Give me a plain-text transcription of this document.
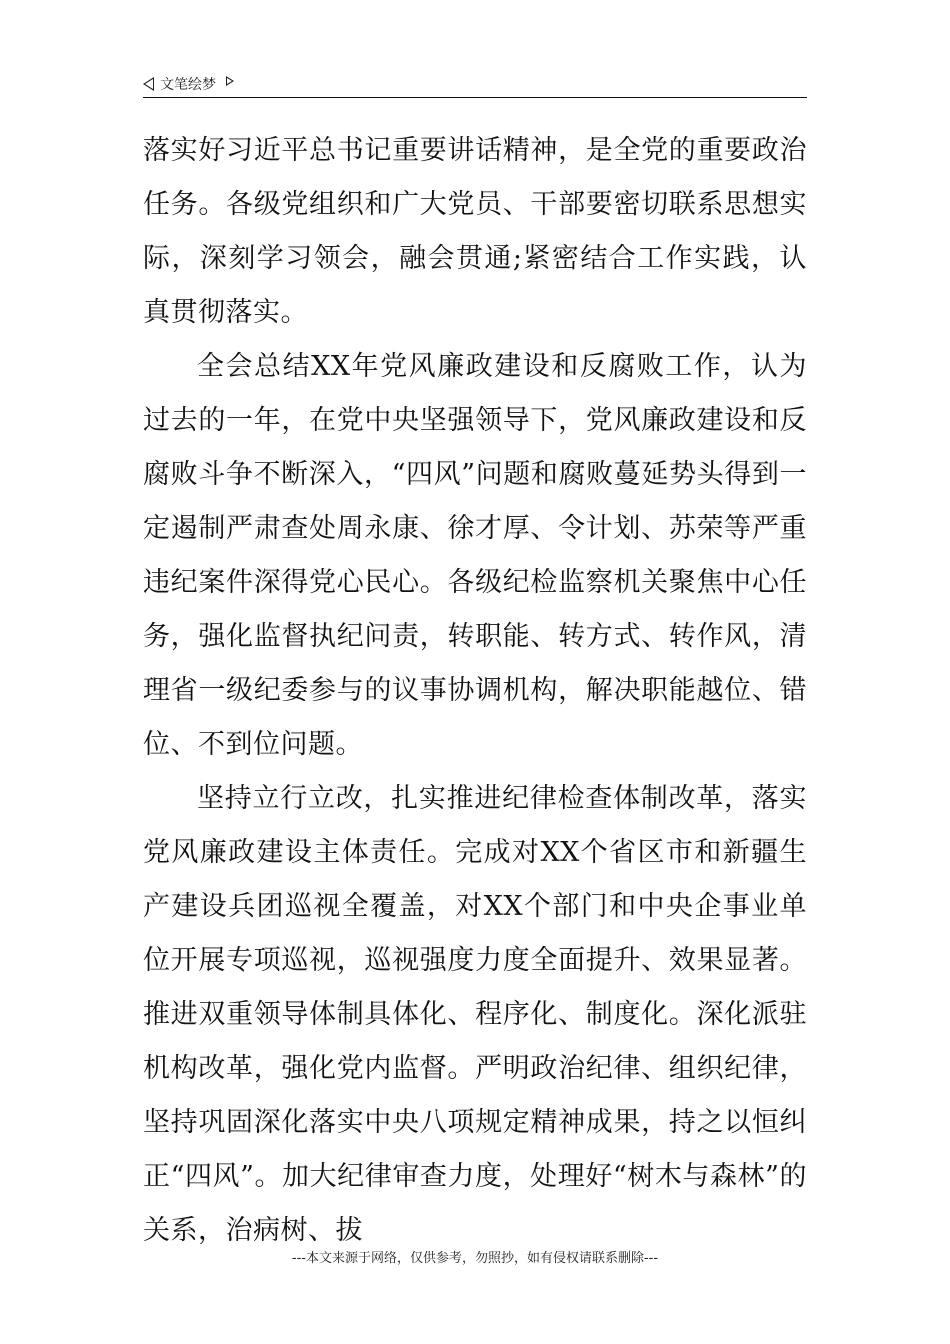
文笔绘梦

落实好习近平总书记重要讲话精神，是全党的重要政治任务。各级党组织和广大党员、干部要密切联系思想实际，深刻学习领会，融会贯通;紧密结合工作实践，认真贯彻落实。

全会总结XX年党风廉政建设和反腐败工作，认为过去的一年，在党中央坚强领导下，党风廉政建设和反腐败斗争不断深入，“四风”问题和腐败蔓延势头得到一定遏制严肃查处周永康、徐才厚、令计划、苏荣等严重违纪案件深得党心民心。各级纪检监察机关聚焦中心任务，强化监督执纪问责，转职能、转方式、转作风，清理省一级纪委参与的议事协调机构，解决职能越位、错位、不到位问题。

坚持立行立改，扎实推进纪律检查体制改革，落实党风廉政建设主体责任。完成对XX个省区市和新疆生产建设兵团巡视全覆盖，对XX个部门和中央企事业单位开展专项巡视，巡视强度力度全面提升、效果显著。推进双重领导体制具体化、程序化、制度化。深化派驻机构改革，强化党内监督。严明政治纪律、组织纪律，坚持巩固深化落实中央八项规定精神成果，持之以恒纠正“四风”。加大纪律审查力度，处理好“树木与森林”的关系，治病树、拔

---本文来源于网络，仅供参考，勿照抄，如有侵权请联系删除---
